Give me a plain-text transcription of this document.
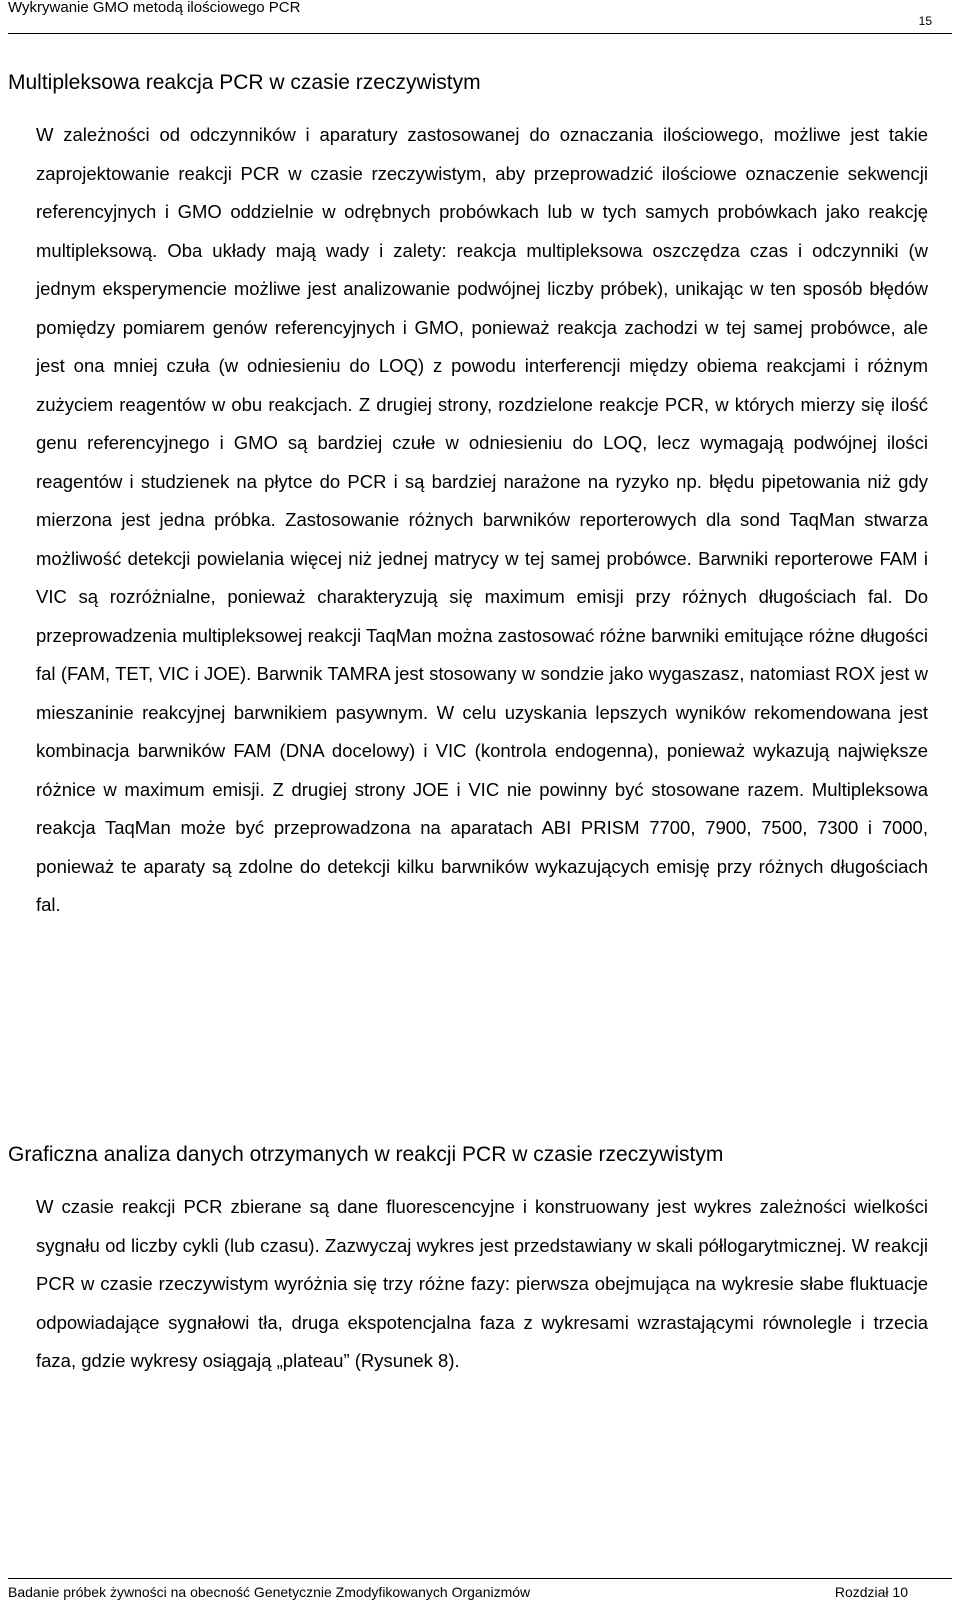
Wykrywanie GMO metodą ilościowego PCR
15
Multipleksowa reakcja PCR w czasie rzeczywistym

W zależności od odczynników i aparatury zastosowanej do oznaczania ilościowego, możliwe jest takie zaprojektowanie reakcji PCR w czasie rzeczywistym, aby przeprowadzić ilościowe oznaczenie sekwencji referencyjnych i GMO oddzielnie w odrębnych probówkach lub w tych samych probówkach jako reakcję multipleksową. Oba układy mają wady i zalety: reakcja multipleksowa oszczędza czas i odczynniki (w jednym eksperymencie możliwe jest analizowanie podwójnej liczby próbek), unikając w ten sposób błędów pomiędzy pomiarem genów referencyjnych i GMO, ponieważ reakcja zachodzi w tej samej probówce, ale jest ona mniej czuła (w odniesieniu do LOQ) z powodu interferencji między obiema reakcjami i różnym zużyciem reagentów w obu reakcjach. Z drugiej strony, rozdzielone reakcje PCR, w których mierzy się ilość genu referencyjnego i GMO są bardziej czułe w odniesieniu do LOQ, lecz wymagają podwójnej ilości reagentów i studzienek na płytce do PCR i są bardziej narażone na ryzyko np. błędu pipetowania niż gdy mierzona jest jedna próbka. Zastosowanie różnych barwników reporterowych dla sond TaqMan stwarza możliwość detekcji powielania więcej niż jednej matrycy w tej samej probówce. Barwniki reporterowe FAM i VIC są rozróżnialne, ponieważ charakteryzują się maximum emisji przy różnych długościach fal. Do przeprowadzenia multipleksowej reakcji TaqMan można zastosować różne barwniki emitujące różne długości fal (FAM, TET, VIC i JOE). Barwnik TAMRA jest stosowany w sondzie jako wygaszasz, natomiast ROX jest w mieszaninie reakcyjnej barwnikiem pasywnym. W celu uzyskania lepszych wyników rekomendowana jest kombinacja barwników FAM (DNA docelowy) i VIC (kontrola endogenna), ponieważ wykazują największe różnice w maximum emisji. Z drugiej strony JOE i VIC nie powinny być stosowane razem. Multipleksowa reakcja TaqMan może być przeprowadzona na aparatach ABI PRISM 7700, 7900, 7500, 7300 i 7000, ponieważ te aparaty są zdolne do detekcji kilku barwników wykazujących emisję przy różnych długościach fal.

Graficzna analiza danych otrzymanych w reakcji PCR w czasie rzeczywistym

W czasie reakcji PCR zbierane są dane fluorescencyjne i konstruowany jest wykres zależności wielkości sygnału od liczby cykli (lub czasu). Zazwyczaj wykres jest przedstawiany w skali półlogarytmicznej. W reakcji PCR w czasie rzeczywistym wyróżnia się trzy różne fazy: pierwsza obejmująca na wykresie słabe fluktuacje odpowiadające sygnałowi tła, druga ekspotencjalna faza z wykresami wzrastającymi równolegle i trzecia faza, gdzie wykresy osiągają „plateau” (Rysunek 8).

Badanie próbek żywności na obecność Genetycznie Zmodyfikowanych Organizmów	Rozdział 10
